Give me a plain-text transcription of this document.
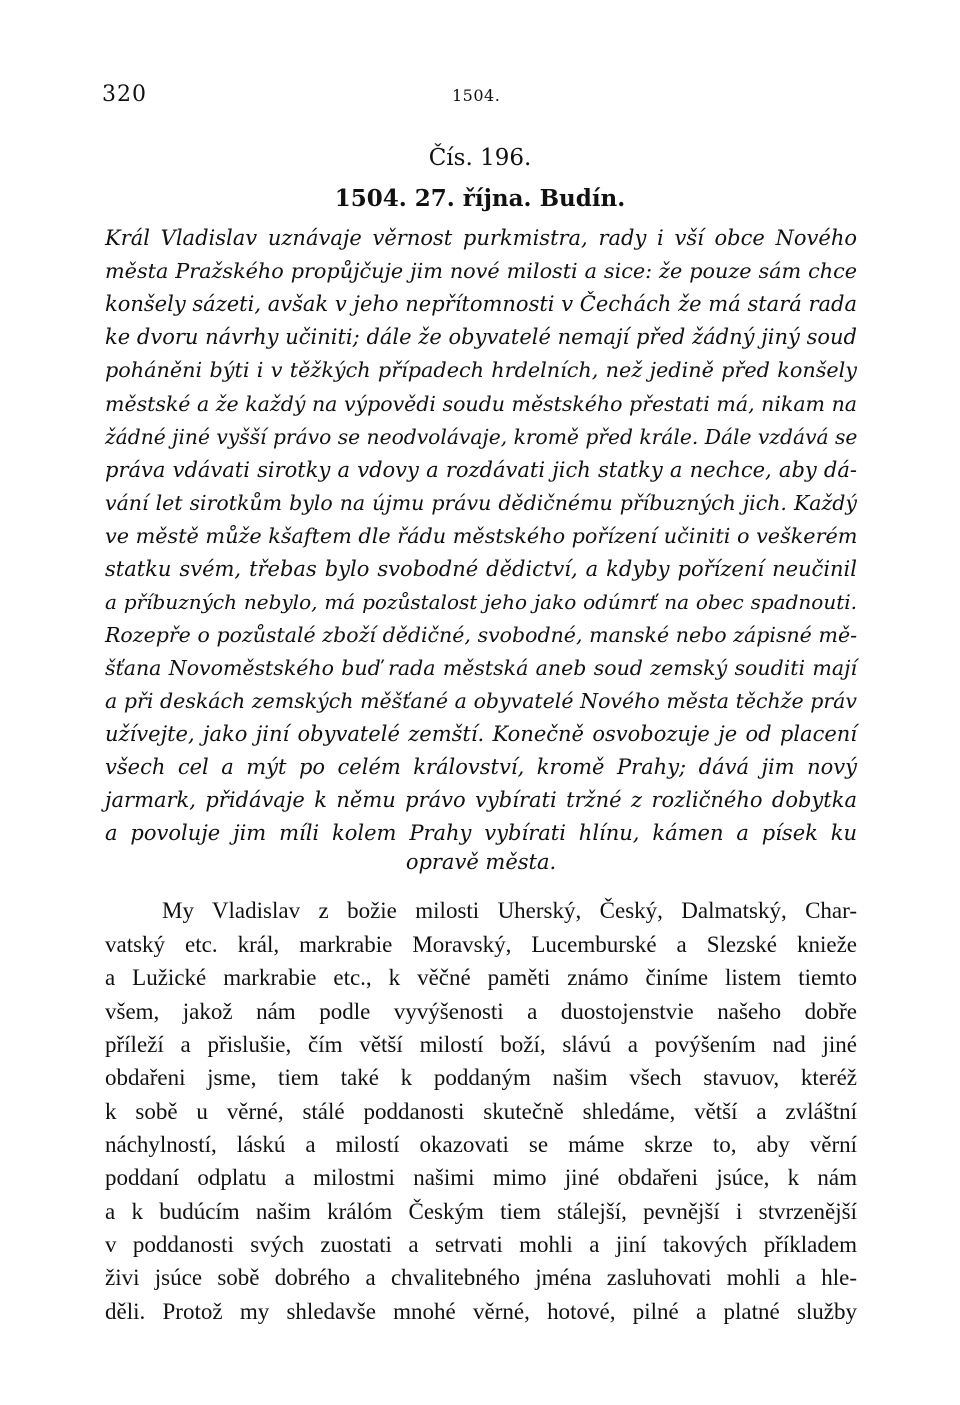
320	1504.
Čís. 196.
1504. 27. října. Budín.
Král Vladislav uznávaje věrnost purkmistra, rady i vší obce Nového
města Pražského propůjčuje jim nové milosti a sice: že pouze sám chce
konšely sázeti, avšak v jeho nepřítomnosti v Čechách že má stará rada
ke dvoru návrhy učiniti; dále že obyvatelé nemají před žádný jiný soud
poháněni býti i v těžkých případech hrdelních, než jedině před konšely
městské a že každý na výpovědi soudu městského přestati má, nikam na
žádné jiné vyšší právo se neodvolávaje, kromě před krále. Dále vzdává se
práva vdávati sirotky a vdovy a rozdávati jich statky a nechce, aby dá-
vání let sirotkům bylo na újmu právu dědičnému příbuzných jich. Každý
ve městě může kšaftem dle řádu městského pořízení učiniti o veškerém
statku svém, třebas bylo svobodné dědictví, a kdyby pořízení neučinil
a příbuzných nebylo, má pozůstalost jeho jako odúmrť na obec spadnouti.
Rozepře o pozůstalé zboží dědičné, svobodné, manské nebo zápisné mě-
šťana Novoměstského buď rada městská aneb soud zemský souditi mají
a při deskách zemských měšťané a obyvatelé Nového města těchže práv
užívejte, jako jiní obyvatelé zemští. Konečně osvobozuje je od placení
všech cel a mýt po celém království, kromě Prahy; dává jim nový
jarmark, přidávaje k němu právo vybírati tržné z rozličného dobytka
a povoluje jim míli kolem Prahy vybírati hlínu, kámen a písek ku
opravě města.
My Vladislav z božie milosti Uherský, Český, Dalmatský, Char-
vatský etc. král, markrabie Moravský, Lucemburské a Slezské knieže
a Lužické markrabie etc., k věčné paměti známo činíme listem tiemto
všem, jakož nám podle vyvýšenosti a duostojenstvie našeho dobře
příleží a přislušie, čím větší milostí boží, slávú a povýšením nad jiné
obdařeni jsme, tiem také k poddaným našim všech stavuov, kteréž
k sobě u věrné, stálé poddanosti skutečně shledáme, větší a zvláštní
náchylností, láskú a milostí okazovati se máme skrze to, aby věrní
poddaní odplatu a milostmi našimi mimo jiné obdařeni jsúce, k nám
a k budúcím našim králóm Českým tiem stálejší, pevnější i stvrzenější
v poddanosti svých zuostati a setrvati mohli a jiní takových příkladem
živi jsúce sobě dobrého a chvalitebného jména zasluhovati mohli a hle-
děli. Protož my shledavše mnohé věrné, hotové, pilné a platné služby
